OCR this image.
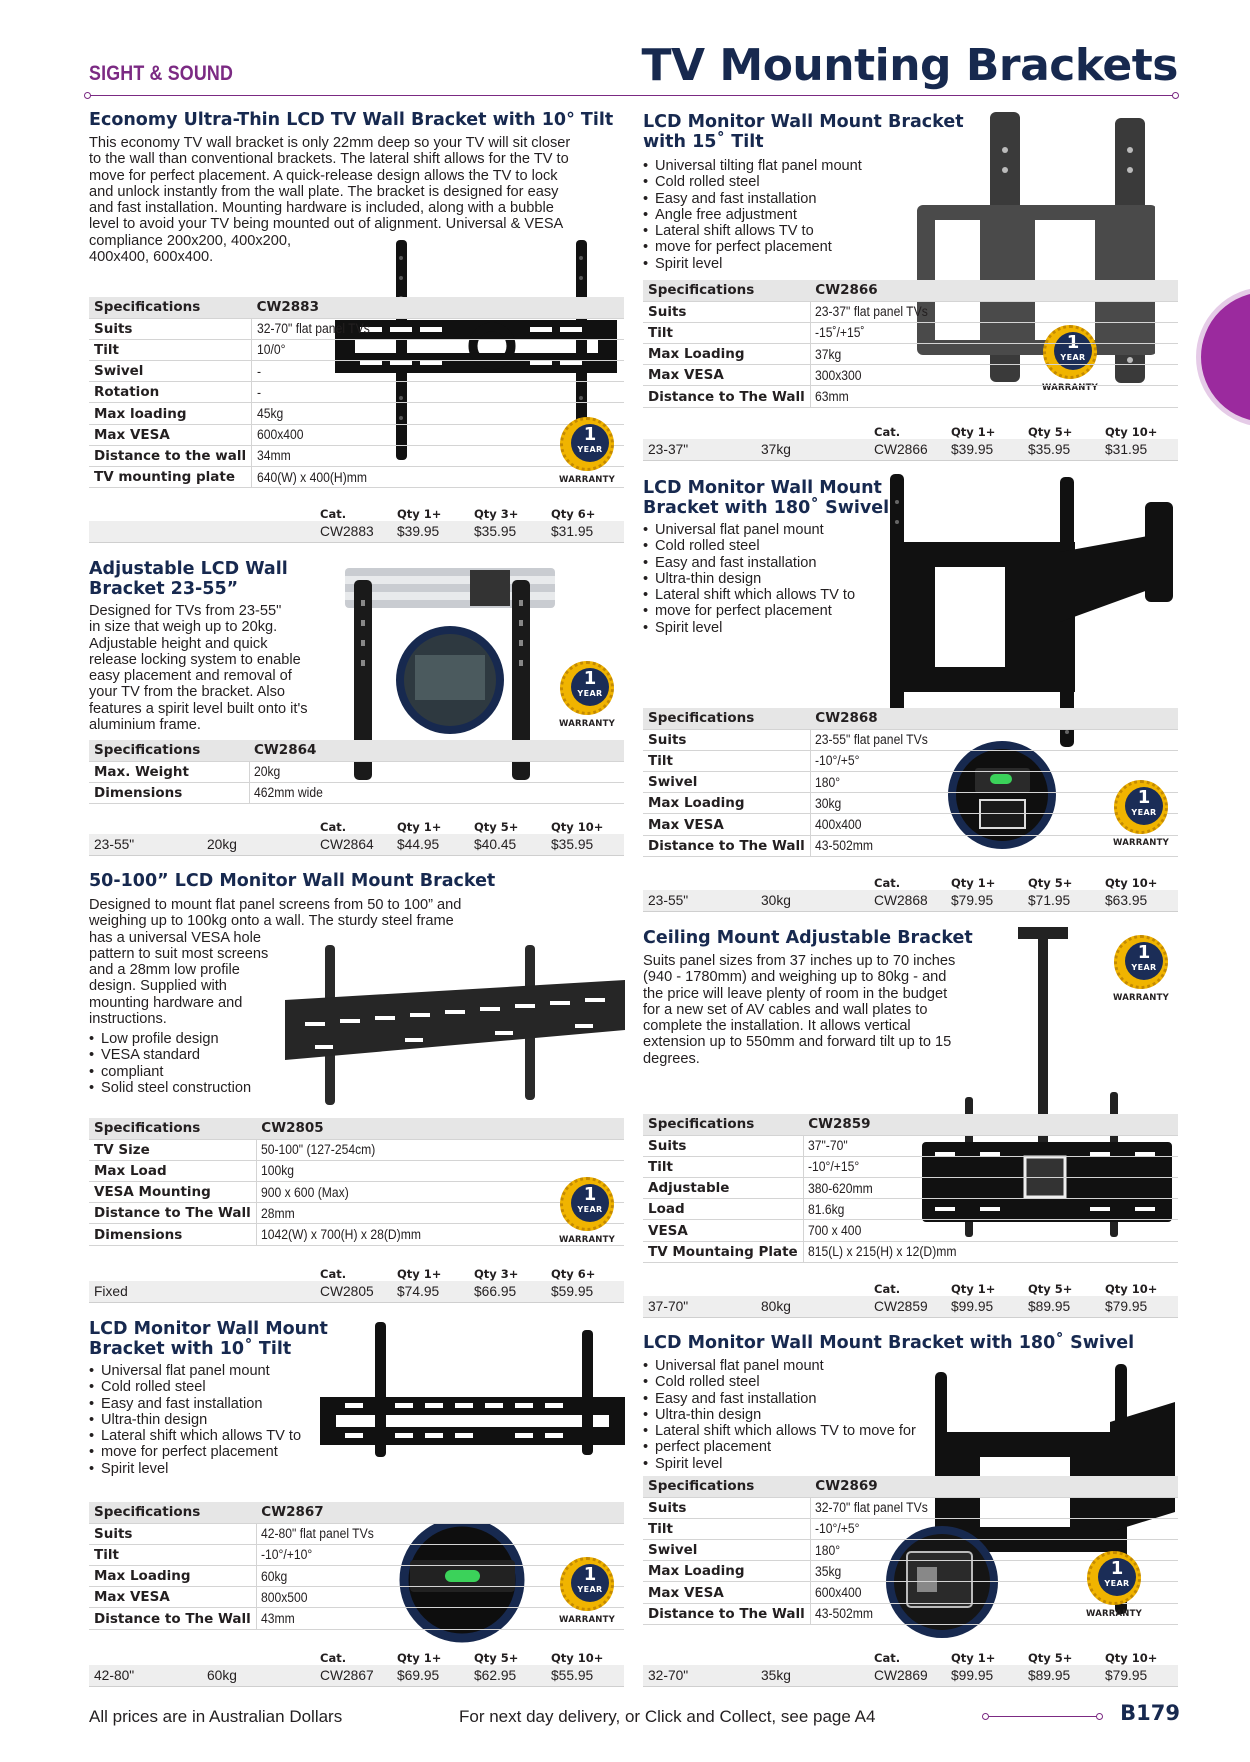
SIGHT & SOUND	TV Mounting Brackets
Economy Ultra-Thin LCD TV Wall Bracket with 10° Tilt
This economy TV wall bracket is only 22mm deep so your TV will sit closer
to the wall than conventional brackets. The lateral shift allows for the TV to
move for perfect placement. A quick-release design allows the TV to lock
and unlock instantly from the wall plate. The bracket is designed for easy
and fast installation. Mounting hardware is included, along with a bubble
level to avoid your TV being mounted out of alignment. Universal & VESA
compliance 200x200, 400x200,
400x400, 600x400.
Specifications	CW2883
Suits	32-70" flat panel TVs
Tilt	10/0°
Swivel	-
Rotation	-
Max loading	45kg
Max VESA	600x400
Distance to the wall	34mm
TV mounting plate	640(W) x 400(H)mm
1
YEAR
WARRANTY
		Cat.	Qty 1+	Qty 3+	Qty 6+
		CW2883	$39.95	$35.95	$31.95
Adjustable LCD Wall
Bracket 23-55”
Designed for TVs from 23-55"
in size that weigh up to 20kg.
Adjustable height and quick
release locking system to enable
easy placement and removal of
your TV from the bracket. Also
features a spirit level built onto it's
aluminium frame.
1
YEAR
WARRANTY
Specifications	CW2864
Max. Weight	20kg
Dimensions	462mm wide
		Cat.	Qty 1+	Qty 5+	Qty 10+
23-55"	20kg	CW2864	$44.95	$40.45	$35.95
50-100” LCD Monitor Wall Mount Bracket
Designed to mount flat panel screens from 50 to 100” and
weighing up to 100kg onto a wall. The sturdy steel frame
has a universal VESA hole
pattern to suit most screens
and a 28mm low profile
design. Supplied with
mounting hardware and
instructions.
• Low profile design
• VESA standard
• compliant
• Solid steel construction
Specifications	CW2805
TV Size	50-100" (127-254cm)
Max Load	100kg
VESA Mounting	900 x 600 (Max)
Distance to The Wall	28mm
Dimensions	1042(W) x 700(H) x 28(D)mm
1
YEAR
WARRANTY
		Cat.	Qty 1+	Qty 3+	Qty 6+
Fixed		CW2805	$74.95	$66.95	$59.95
LCD Monitor Wall Mount
Bracket with 10˚ Tilt
• Universal flat panel mount
• Cold rolled steel
• Easy and fast installation
• Ultra-thin design
• Lateral shift which allows TV to
• move for perfect placement
• Spirit level
Specifications	CW2867
Suits	42-80" flat panel TVs
Tilt	-10°/+10°
Max Loading	60kg
Max VESA	800x500
Distance to The Wall	43mm
1
YEAR
WARRANTY
		Cat.	Qty 1+	Qty 5+	Qty 10+
42-80"	60kg	CW2867	$69.95	$62.95	$55.95
LCD Monitor Wall Mount Bracket
with 15˚ Tilt
• Universal tilting flat panel mount
• Cold rolled steel
• Easy and fast installation
• Angle free adjustment
• Lateral shift allows TV to
• move for perfect placement
• Spirit level
1
YEAR
WARRANTY
Specifications	CW2866
Suits	23-37" flat panel TVs
Tilt	-15˚/+15˚
Max Loading	37kg
Max VESA	300x300
Distance to The Wall	63mm
		Cat.	Qty 1+	Qty 5+	Qty 10+
23-37"	37kg	CW2866	$39.95	$35.95	$31.95
LCD Monitor Wall Mount
Bracket with 180˚ Swivel
• Universal flat panel mount
• Cold rolled steel
• Easy and fast installation
• Ultra-thin design
• Lateral shift which allows TV to
• move for perfect placement
• Spirit level
Specifications	CW2868
Suits	23-55" flat panel TVs
Tilt	-10°/+5°
Swivel	180°
Max Loading	30kg
Max VESA	400x400
Distance to The Wall	43-502mm
1
YEAR
WARRANTY
		Cat.	Qty 1+	Qty 5+	Qty 10+
23-55"	30kg	CW2868	$79.95	$71.95	$63.95
Ceiling Mount Adjustable Bracket
Suits panel sizes from 37 inches up to 70 inches
(940 - 1780mm) and weighing up to 80kg - and
the price will leave plenty of room in the budget
for a new set of AV cables and wall plates to
complete the installation. It allows vertical
extension up to 550mm and forward tilt up to 15
degrees.
1
YEAR
WARRANTY
Specifications	CW2859
Suits	37"-70"
Tilt	-10°/+15°
Adjustable	380-620mm
Load	81.6kg
VESA	700 x 400
TV Mountaing Plate	815(L) x 215(H) x 12(D)mm
		Cat.	Qty 1+	Qty 5+	Qty 10+
37-70"	80kg	CW2859	$99.95	$89.95	$79.95
LCD Monitor Wall Mount Bracket with 180˚ Swivel
• Universal flat panel mount
• Cold rolled steel
• Easy and fast installation
• Ultra-thin design
• Lateral shift which allows TV to move for
• perfect placement
• Spirit level
Specifications	CW2869
Suits	32-70" flat panel TVs
Tilt	-10°/+5°
Swivel	180°
Max Loading	35kg
Max VESA	600x400
Distance to The Wall	43-502mm
1
YEAR
WARRANTY
		Cat.	Qty 1+	Qty 5+	Qty 10+
32-70"	35kg	CW2869	$99.95	$89.95	$79.95
All prices are in Australian Dollars	For next day delivery, or Click and Collect, see page A4	B179
